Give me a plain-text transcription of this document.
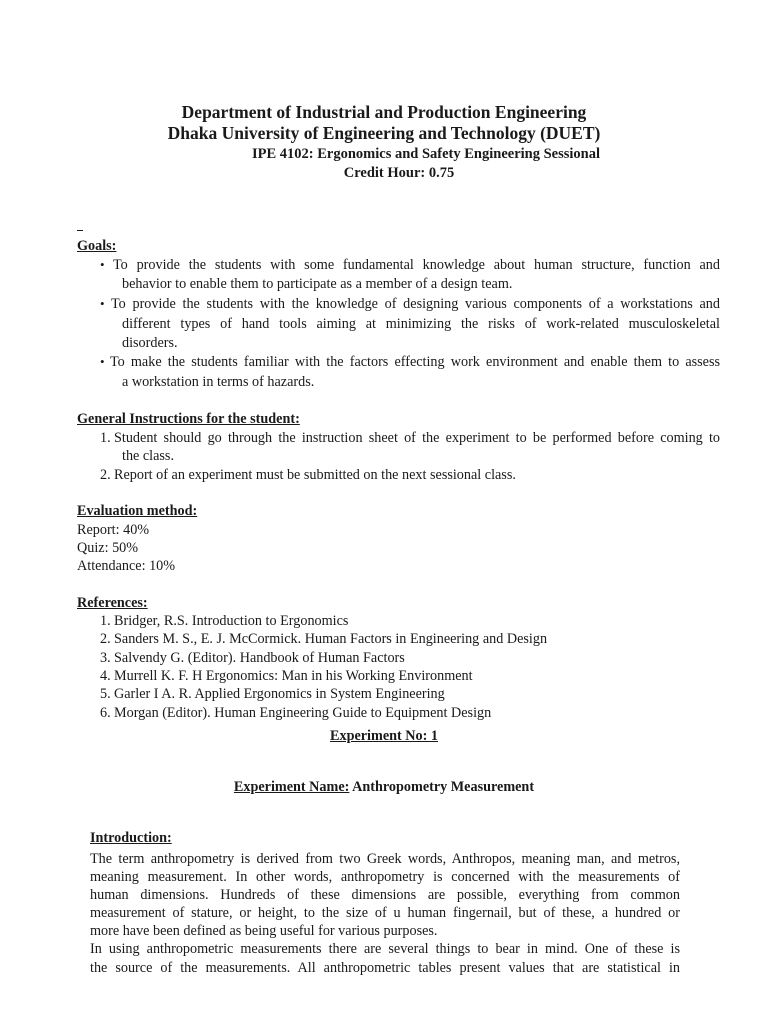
Department of Industrial and Production Engineering
Dhaka University of Engineering and Technology (DUET)
IPE 4102: Ergonomics and Safety Engineering Sessional
Credit Hour: 0.75
Goals:
• To provide the students with some fundamental knowledge about human structure, function and
behavior to enable them to participate as a member of a design team.
• To provide the students with the knowledge of designing various components of a workstations and
different types of hand tools aiming at minimizing the risks of work-related musculoskeletal
disorders.
• To make the students familiar with the factors effecting work environment and enable them to assess
a workstation in terms of hazards.
General Instructions for the student:
1. Student should go through the instruction sheet of the experiment to be performed before coming to
the class.
2. Report of an experiment must be submitted on the next sessional class.
Evaluation method:
Report: 40%
Quiz: 50%
Attendance: 10%
References:
1. Bridger, R.S. Introduction to Ergonomics
2. Sanders M. S., E. J. McCormick. Human Factors in Engineering and Design
3. Salvendy G. (Editor). Handbook of Human Factors
4. Murrell K. F. H Ergonomics: Man in his Working Environment
5. Garler I A. R. Applied Ergonomics in System Engineering
6. Morgan (Editor). Human Engineering Guide to Equipment Design
Experiment No: 1
Experiment Name: Anthropometry Measurement
Introduction:
The term anthropometry is derived from two Greek words, Anthropos, meaning man, and metros,
meaning measurement. In other words, anthropometry is concerned with the measurements of
human dimensions. Hundreds of these dimensions are possible, everything from common
measurement of stature, or height, to the size of u human fingernail, but of these, a hundred or
more have been defined as being useful for various purposes.
In using anthropometric measurements there are several things to bear in mind. One of these is
the source of the measurements. All anthropometric tables present values that are statistical in
